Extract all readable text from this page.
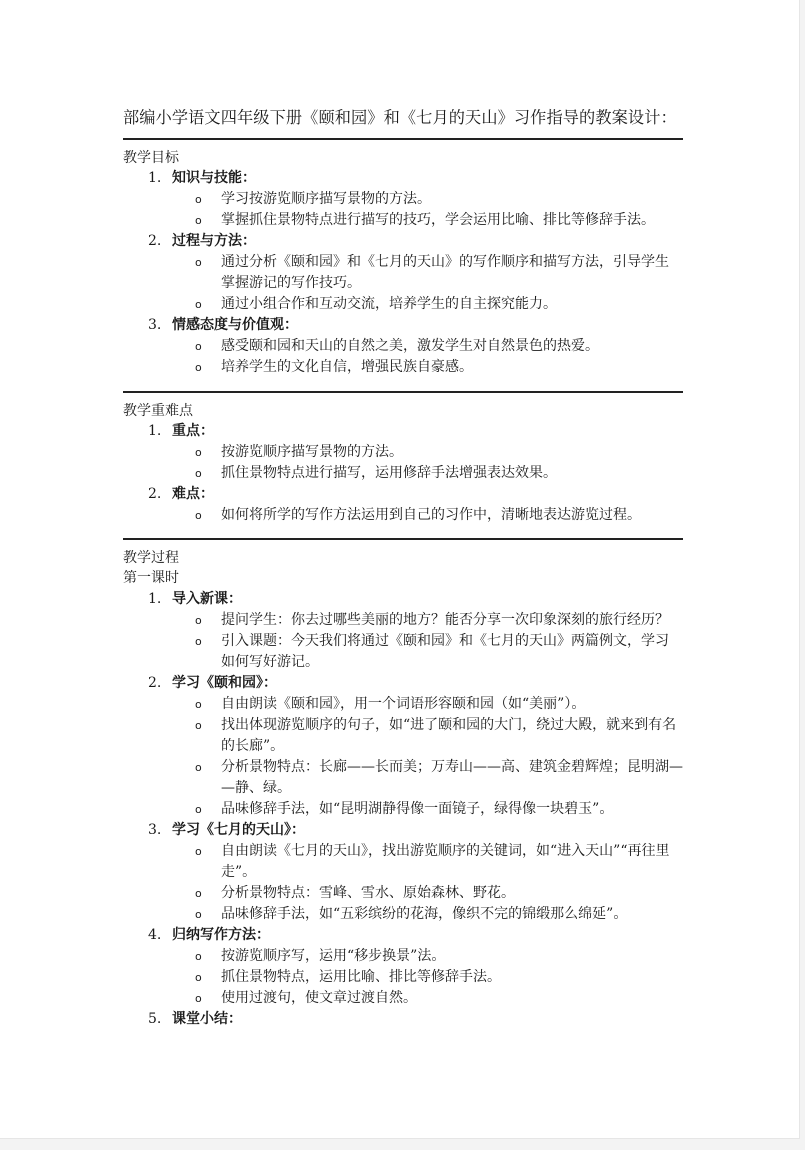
部编小学语文四年级下册《颐和园》和《七月的天山》习作指导的教案设计：
教学目标
1. 知识与技能：
o 学习按游览顺序描写景物的方法。
o 掌握抓住景物特点进行描写的技巧，学会运用比喻、排比等修辞手法。
2. 过程与方法：
o 通过分析《颐和园》和《七月的天山》的写作顺序和描写方法，引导学生
掌握游记的写作技巧。
o 通过小组合作和互动交流，培养学生的自主探究能力。
3. 情感态度与价值观：
o 感受颐和园和天山的自然之美，激发学生对自然景色的热爱。
o 培养学生的文化自信，增强民族自豪感。
教学重难点
1. 重点：
o 按游览顺序描写景物的方法。
o 抓住景物特点进行描写，运用修辞手法增强表达效果。
2. 难点：
o 如何将所学的写作方法运用到自己的习作中，清晰地表达游览过程。
教学过程
第一课时
1. 导入新课：
o 提问学生：你去过哪些美丽的地方？能否分享一次印象深刻的旅行经历？
o 引入课题：今天我们将通过《颐和园》和《七月的天山》两篇例文，学习
如何写好游记。
2. 学习《颐和园》：
o 自由朗读《颐和园》，用一个词语形容颐和园（如“美丽”）。
o 找出体现游览顺序的句子，如“进了颐和园的大门，绕过大殿，就来到有名
的长廊”。
o 分析景物特点：长廊——长而美；万寿山——高、建筑金碧辉煌；昆明湖—
—静、绿。
o 品味修辞手法，如“昆明湖静得像一面镜子，绿得像一块碧玉”。
3. 学习《七月的天山》：
o 自由朗读《七月的天山》，找出游览顺序的关键词，如“进入天山”“再往里
走”。
o 分析景物特点：雪峰、雪水、原始森林、野花。
o 品味修辞手法，如“五彩缤纷的花海，像织不完的锦缎那么绵延”。
4. 归纳写作方法：
o 按游览顺序写，运用“移步换景”法。
o 抓住景物特点，运用比喻、排比等修辞手法。
o 使用过渡句，使文章过渡自然。
5. 课堂小结：
